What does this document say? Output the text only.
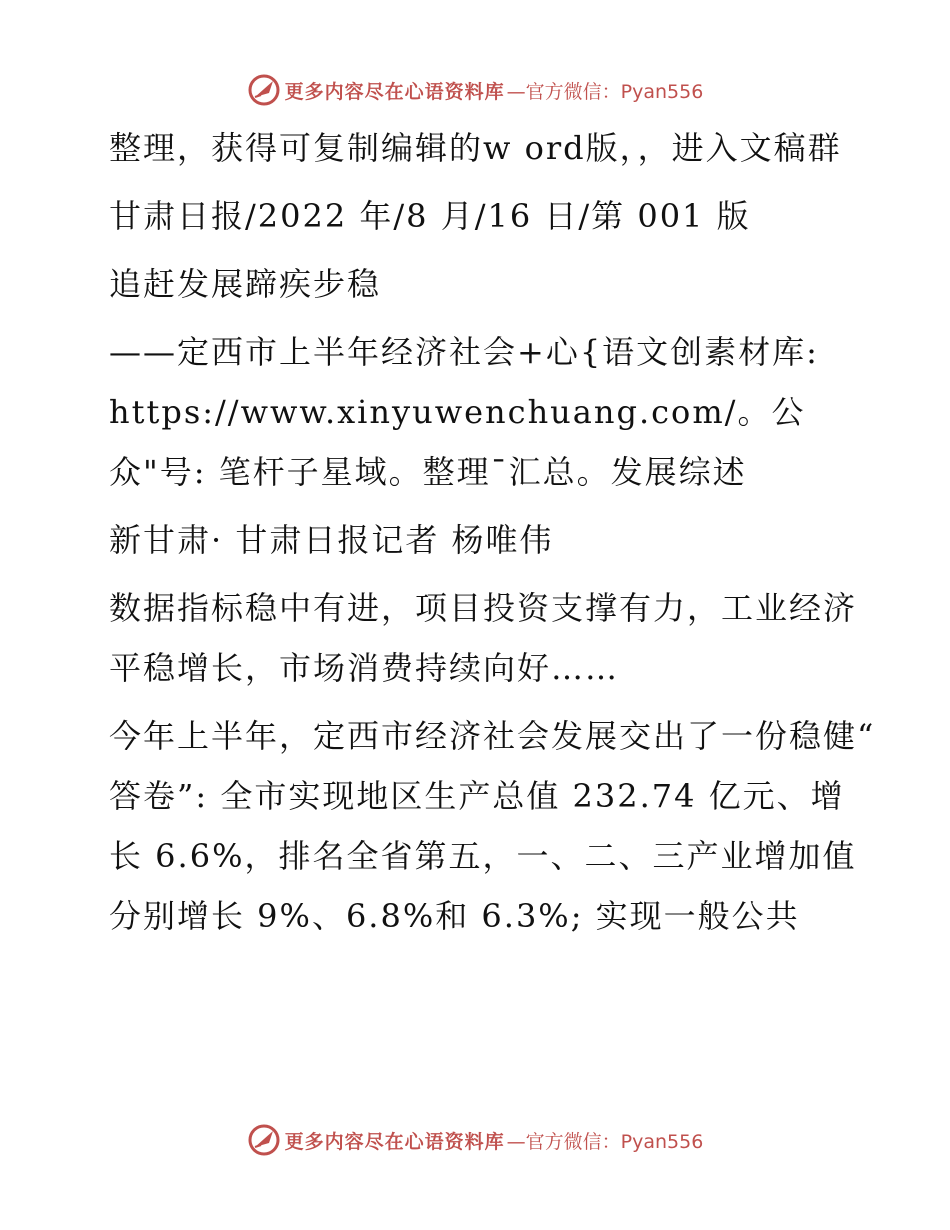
更多内容尽在心语资料库 —官方微信：Pyan556

整理，获得可复制编辑的w ord版，，进入文稿群

甘肃日报/2022 年/8 月/16 日/第 001 版

追赶发展蹄疾步稳

——定西市上半年经济社会+心{语文创素材库: https://www.xinyuwenchuang.com/。公众"号: 笔杆子星域。整理¯汇总。发展综述

新甘肃· 甘肃日报记者 杨唯伟

数据指标稳中有进，项目投资支撑有力，工业经济平稳增长，市场消费持续向好……

今年上半年，定西市经济社会发展交出了一份稳健“ 答卷”: 全市实现地区生产总值 232.74 亿元、增长 6.6%，排名全省第五，一、二、三产业增加值分别增长 9%、6.8%和 6.3%; 实现一般公共

更多内容尽在心语资料库 —官方微信：Pyan556
